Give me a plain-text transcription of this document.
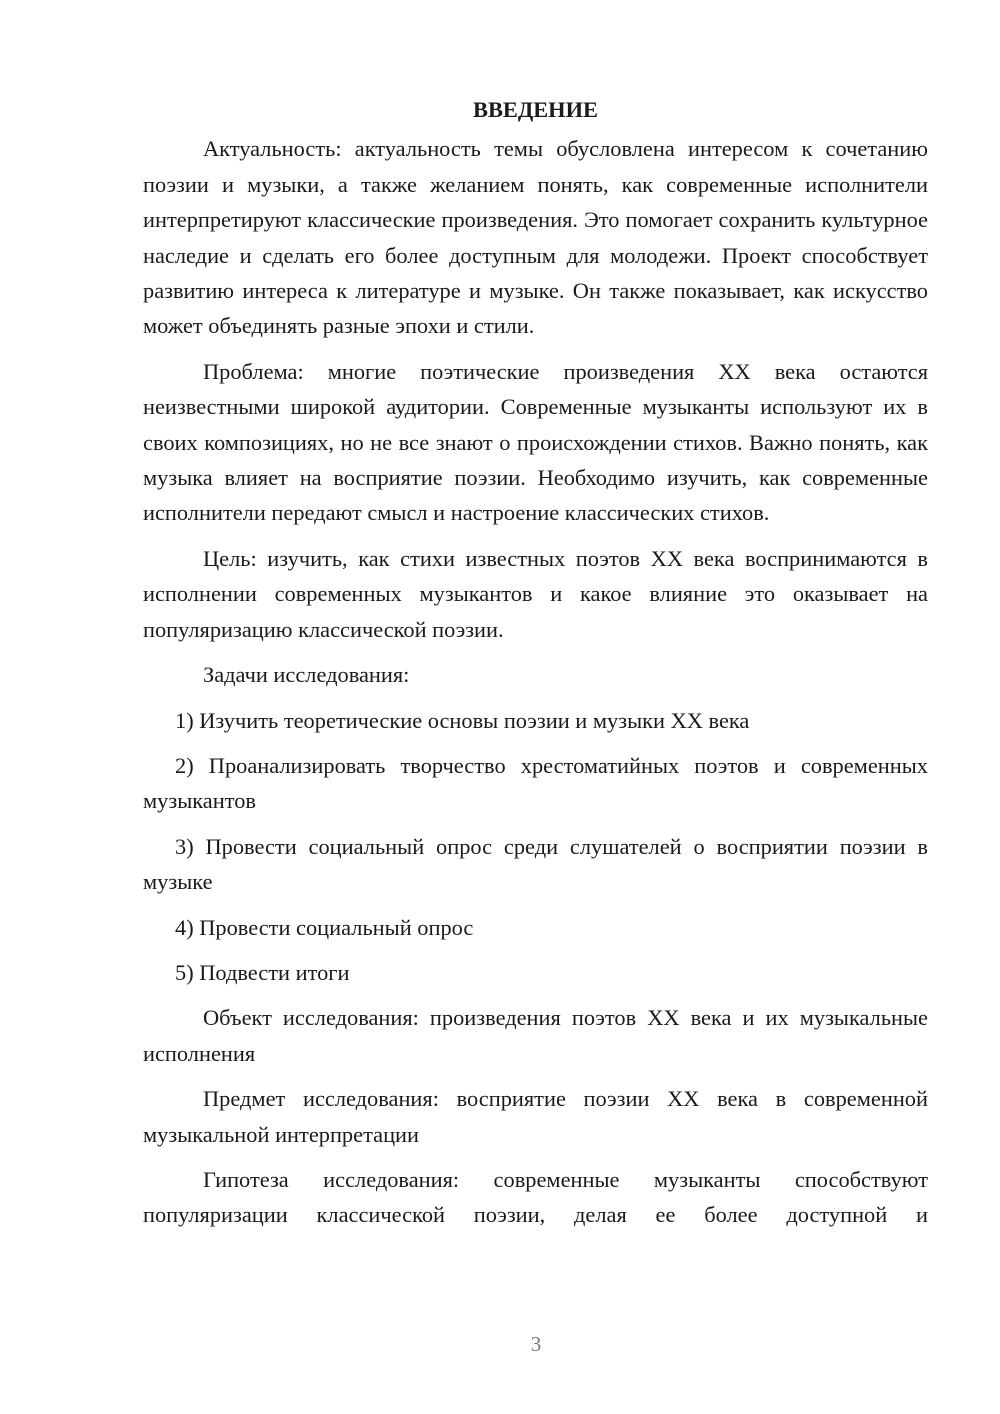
ВВЕДЕНИЕ
Актуальность: актуальность темы обусловлена интересом к сочетанию поэзии и музыки, а также желанием понять, как современные исполнители интерпретируют классические произведения. Это помогает сохранить культурное наследие и сделать его более доступным для молодежи. Проект способствует развитию интереса к литературе и музыке. Он также показывает, как искусство может объединять разные эпохи и стили.
Проблема: многие поэтические произведения XX века остаются неизвестными широкой аудитории. Современные музыканты используют их в своих композициях, но не все знают о происхождении стихов. Важно понять, как музыка влияет на восприятие поэзии. Необходимо изучить, как современные исполнители передают смысл и настроение классических стихов.
Цель: изучить, как стихи известных поэтов XX века воспринимаются в исполнении современных музыкантов и какое влияние это оказывает на популяризацию классической поэзии.
Задачи исследования:
1) Изучить теоретические основы поэзии и музыки XX века
2) Проанализировать творчество хрестоматийных поэтов и современных музыкантов
3) Провести социальный опрос среди слушателей о восприятии поэзии в музыке
4) Провести социальный опрос
5) Подвести итоги
Объект исследования: произведения поэтов XX века и их музыкальные исполнения
Предмет исследования: восприятие поэзии XX века в современной музыкальной интерпретации
Гипотеза исследования: современные музыканты способствуют популяризации классической поэзии, делая ее более доступной и
3
